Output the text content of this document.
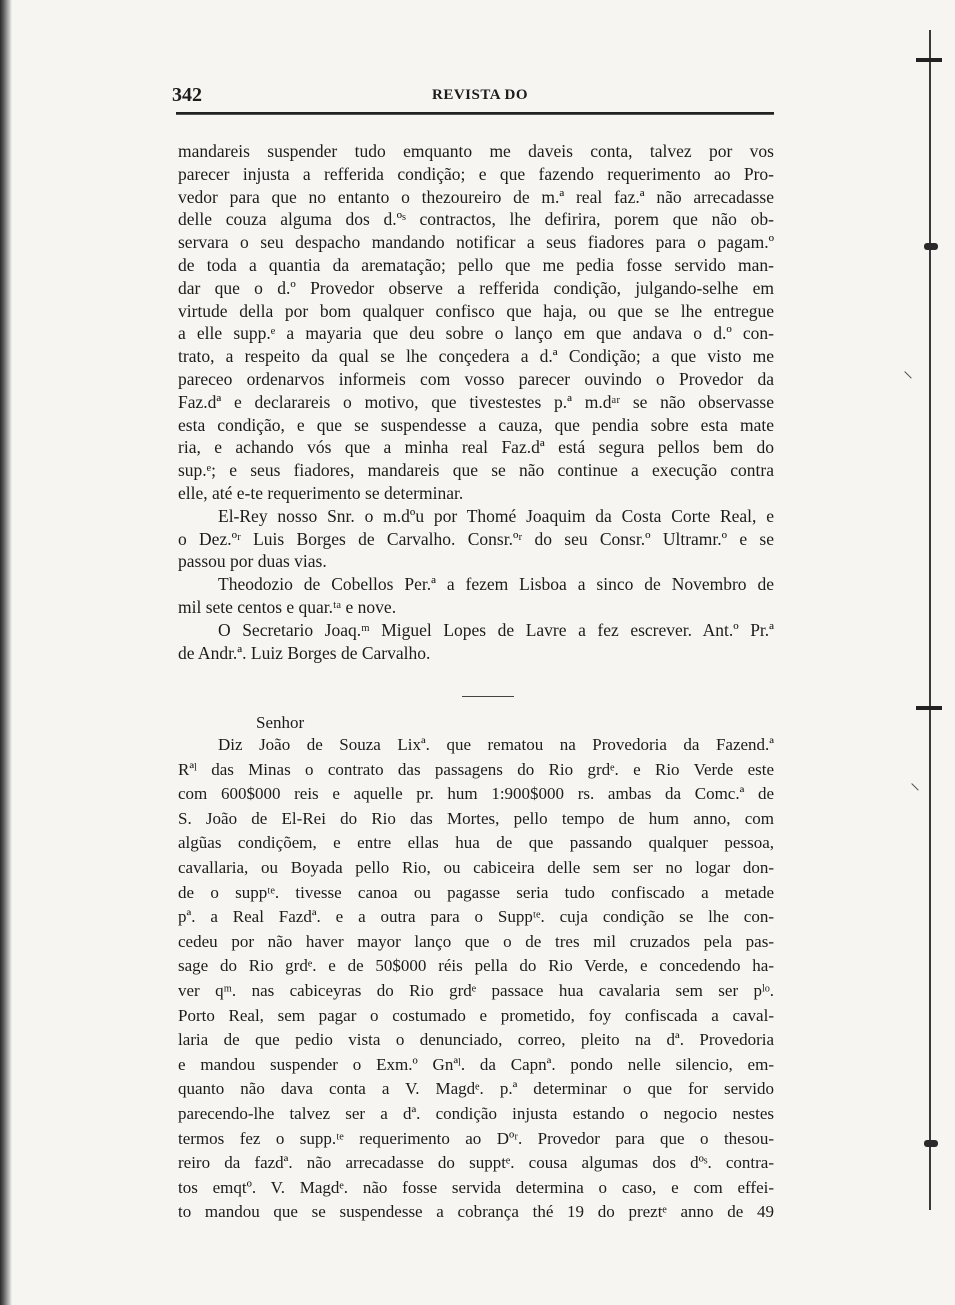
⸜
⸜
342	REVISTA DO
mandareis suspender tudo emquanto me daveis conta, talvez por vos
parecer injusta a refferida condição; e que fazendo requerimento ao Pro-
vedor para que no entanto o thezoureiro de m.ª real faz.ª não arrecadasse
delle couza alguma dos d.ºˢ contractos, lhe defirira, porem que não ob-
servara o seu despacho mandando notificar a seus fiadores para o pagam.º
de toda a quantia da arematação; pello que me pedia fosse servido man-
dar que o d.º Provedor observe a refferida condição, julgando-selhe em
virtude della por bom qualquer confisco que haja, ou que se lhe entregue
a elle supp.ᵉ a mayaria que deu sobre o lanço em que andava o d.º con-
trato, a respeito da qual se lhe conçedera a d.ª Condição; a que visto me
pareceo ordenarvos informeis com vosso parecer ouvindo o Provedor da
Faz.dª e declarareis o motivo, que tivestestes p.ª m.dᵃʳ se não observasse
esta condição, e que se suspendesse a cauza, que pendia sobre esta mate
ria, e achando vós que a minha real Faz.dª está segura pellos bem do
sup.ᵉ; e seus fiadores, mandareis que se não continue a execução contra
elle, até e-te requerimento se determinar.
El-Rey nosso Snr. o m.dºu por Thomé Joaquim da Costa Corte Real, e
o Dez.ºʳ Luis Borges de Carvalho. Consr.ºʳ do seu Consr.º Ultramr.º e se
passou por duas vias.
Theodozio de Cobellos Per.ª a fezem Lisboa a sinco de Novembro de
mil sete centos e quar.ᵗᵃ e nove.
O Secretario Joaq.ᵐ Miguel Lopes de Lavre a fez escrever. Ant.º Pr.ª
de Andr.ª. Luiz Borges de Carvalho.
Senhor
Diz João de Souza Lixª. que rematou na Provedoria da Fazend.ª
Rªˡ das Minas o contrato das passagens do Rio grdᵉ. e Rio Verde este
com 600$000 reis e aquelle pr. hum 1:900$000 rs. ambas da Comc.ª de
S. João de El-Rei do Rio das Mortes, pello tempo de hum anno, com
algũas condiçõem, e entre ellas hua de que passando qualquer pessoa,
cavallaria, ou Boyada pello Rio, ou cabiceira delle sem ser no logar don-
de o suppᵗᵉ. tivesse canoa ou pagasse seria tudo confiscado a metade
pª. a Real Fazdª. e a outra para o Suppᵗᵉ. cuja condição se lhe con-
cedeu por não haver mayor lanço que o de tres mil cruzados pela pas-
sage do Rio grdᵉ. e de 50$000 réis pella do Rio Verde, e concedendo ha-
ver qᵐ. nas cabiceyras do Rio grdᵉ passace hua cavalaria sem ser pˡᵒ.
Porto Real, sem pagar o costumado e prometido, foy confiscada a caval-
laria de que pedio vista o denunciado, correo, pleito na dª. Provedoria
e mandou suspender o Exm.º Gnªˡ. da Capnª. pondo nelle silencio, em-
quanto não dava conta a V. Magdᵉ. p.ª determinar o que for servido
parecendo-lhe talvez ser a dª. condição injusta estando o negocio nestes
termos fez o supp.ᵗᵉ requerimento ao Dºʳ. Provedor para que o thesou-
reiro da fazdª. não arrecadasse do supptᵉ. cousa algumas dos dºˢ. contra-
tos emqtº. V. Magdᵉ. não fosse servida determina o caso, e com effei-
to mandou que se suspendesse a cobrança thé 19 do preztᵉ anno de 49
